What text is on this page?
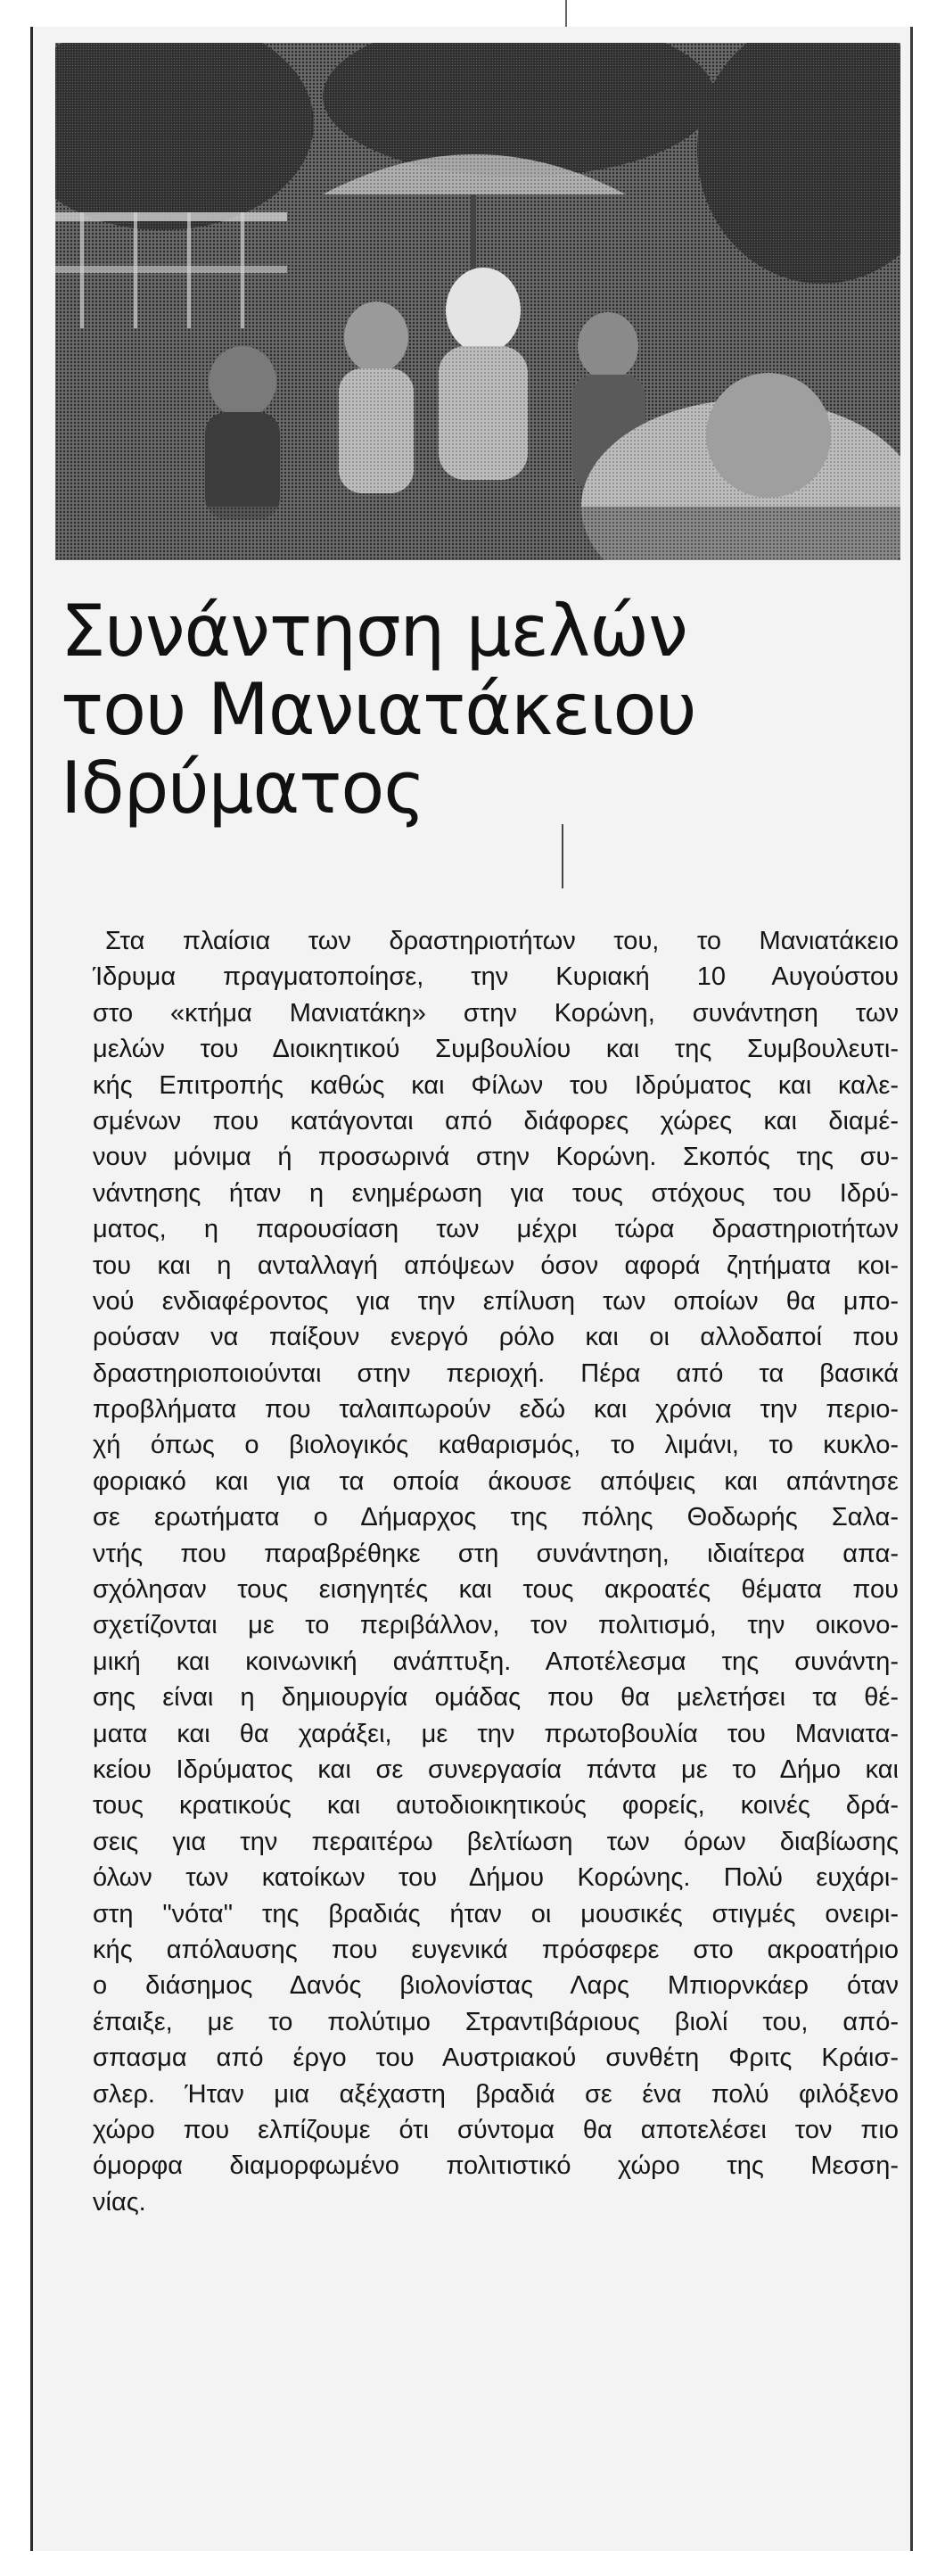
Συνάντηση μελών
του Μανιατάκειου
Ιδρύματος
Στα πλαίσια των δραστηριοτήτων του, το Μανιατάκειο
Ίδρυμα πραγματοποίησε, την Κυριακή 10 Αυγούστου
στο «κτήμα Μανιατάκη» στην Κορώνη, συνάντηση των
μελών του Διοικητικού Συμβουλίου και της Συμβουλευτι-
κής Επιτροπής καθώς και Φίλων του Ιδρύματος και καλε-
σμένων που κατάγονται από διάφορες χώρες και διαμέ-
νουν μόνιμα ή προσωρινά στην Κορώνη. Σκοπός της συ-
νάντησης ήταν η ενημέρωση για τους στόχους του Ιδρύ-
ματος, η παρουσίαση των μέχρι τώρα δραστηριοτήτων
του και η ανταλλαγή απόψεων όσον αφορά ζητήματα κοι-
νού ενδιαφέροντος για την επίλυση των οποίων θα μπο-
ρούσαν να παίξουν ενεργό ρόλο και οι αλλοδαποί που
δραστηριοποιούνται στην περιοχή. Πέρα από τα βασικά
προβλήματα που ταλαιπωρούν εδώ και χρόνια την περιο-
χή όπως ο βιολογικός καθαρισμός, το λιμάνι, το κυκλο-
φοριακό και για τα οποία άκουσε απόψεις και απάντησε
σε ερωτήματα ο Δήμαρχος της πόλης Θοδωρής Σαλα-
ντής που παραβρέθηκε στη συνάντηση, ιδιαίτερα απα-
σχόλησαν τους εισηγητές και τους ακροατές θέματα που
σχετίζονται με το περιβάλλον, τον πολιτισμό, την οικονο-
μική και κοινωνική ανάπτυξη. Αποτέλεσμα της συνάντη-
σης είναι η δημιουργία ομάδας που θα μελετήσει τα θέ-
ματα και θα χαράξει, με την πρωτοβουλία του Μανιατα-
κείου Ιδρύματος και σε συνεργασία πάντα με το Δήμο και
τους κρατικούς και αυτοδιοικητικούς φορείς, κοινές δρά-
σεις για την περαιτέρω βελτίωση των όρων διαβίωσης
όλων των κατοίκων του Δήμου Κορώνης. Πολύ ευχάρι-
στη "νότα" της βραδιάς ήταν οι μουσικές στιγμές ονειρι-
κής απόλαυσης που ευγενικά πρόσφερε στο ακροατήριο
ο διάσημος Δανός βιολονίστας Λαρς Μπιορνκάερ όταν
έπαιξε, με το πολύτιμο Στραντιβάριους βιολί του, από-
σπασμα από έργο του Αυστριακού συνθέτη Φριτς Κράισ-
σλερ. Ήταν μια αξέχαστη βραδιά σε ένα πολύ φιλόξενο
χώρο που ελπίζουμε ότι σύντομα θα αποτελέσει τον πιο
όμορφα διαμορφωμένο πολιτιστικό χώρο της Μεσση-
νίας.
